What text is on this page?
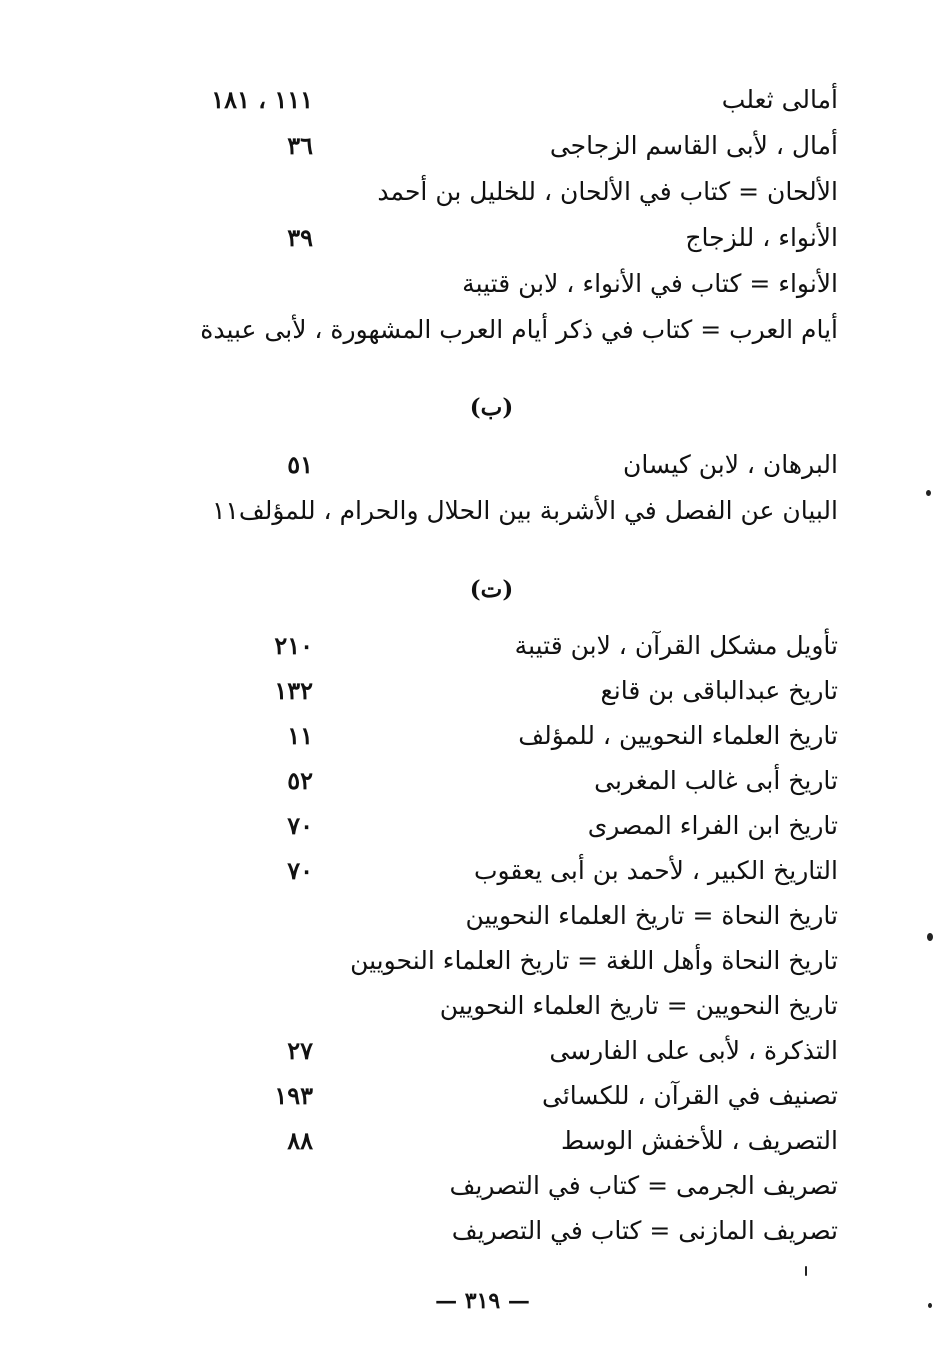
أمالى ثعلب
١١١ ، ١٨١
أمال ، لأبى القاسم الزجاجى
٣٦
الألحان = كتاب في الألحان ، للخليل بن أحمد
الأنواء ، للزجاج
٣٩
الأنواء = كتاب في الأنواء ، لابن قتيبة
أيام العرب = كتاب في ذكر أيام العرب المشهورة ، لأبى عبيدة
(ب)
البرهان ، لابن كيسان
٥١
البيان عن الفصل في الأشربة بين الحلال والحرام ، للمؤلف١١
(ت)
تأويل مشكل القرآن ، لابن قتيبة
٢١٠
تاريخ عبدالباقى بن قانع
١٣٢
تاريخ العلماء النحويين ، للمؤلف
١١
تاريخ أبى غالب المغربى
٥٢
تاريخ ابن الفراء المصرى
٧٠
التاريخ الكبير ، لأحمد بن أبى يعقوب
٧٠
تاريخ النحاة = تاريخ العلماء النحويين
تاريخ النحاة وأهل اللغة = تاريخ العلماء النحويين
تاريخ النحويين = تاريخ العلماء النحويين
التذكرة ، لأبى على الفارسى
٢٧
تصنيف في القرآن ، للكسائى
١٩٣
التصريف ، للأخفش الوسط
٨٨
تصريف الجرمى = كتاب في التصريف
تصريف المازنى = كتاب في التصريف
— ٣١٩ —
